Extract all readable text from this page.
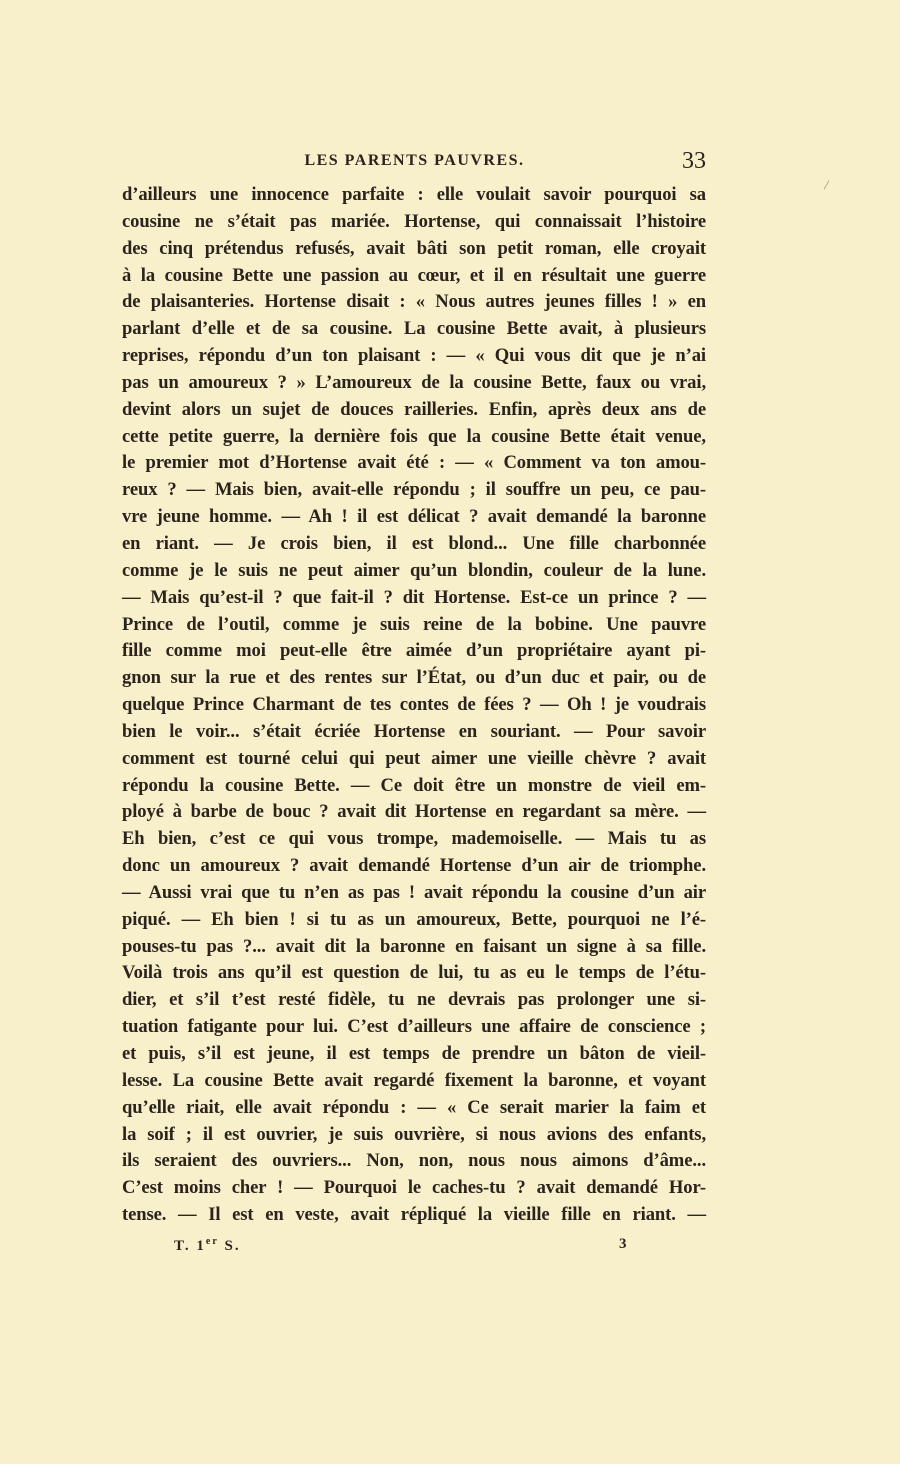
LES PARENTS PAUVRES.	33
d’ailleurs une innocence parfaite : elle voulait savoir pourquoi sa
cousine ne s’était pas mariée. Hortense, qui connaissait l’histoire
des cinq prétendus refusés, avait bâti son petit roman, elle croyait
à la cousine Bette une passion au cœur, et il en résultait une guerre
de plaisanteries. Hortense disait : « Nous autres jeunes filles ! » en
parlant d’elle et de sa cousine. La cousine Bette avait, à plusieurs
reprises, répondu d’un ton plaisant : — « Qui vous dit que je n’ai
pas un amoureux ? » L’amoureux de la cousine Bette, faux ou vrai,
devint alors un sujet de douces railleries. Enfin, après deux ans de
cette petite guerre, la dernière fois que la cousine Bette était venue,
le premier mot d’Hortense avait été : — « Comment va ton amou-
reux ? — Mais bien, avait-elle répondu ; il souffre un peu, ce pau-
vre jeune homme. — Ah ! il est délicat ? avait demandé la baronne
en riant. — Je crois bien, il est blond... Une fille charbonnée
comme je le suis ne peut aimer qu’un blondin, couleur de la lune.
— Mais qu’est-il ? que fait-il ? dit Hortense. Est-ce un prince ? —
Prince de l’outil, comme je suis reine de la bobine. Une pauvre
fille comme moi peut-elle être aimée d’un propriétaire ayant pi-
gnon sur la rue et des rentes sur l’État, ou d’un duc et pair, ou de
quelque Prince Charmant de tes contes de fées ? — Oh ! je voudrais
bien le voir... s’était écriée Hortense en souriant. — Pour savoir
comment est tourné celui qui peut aimer une vieille chèvre ? avait
répondu la cousine Bette. — Ce doit être un monstre de vieil em-
ployé à barbe de bouc ? avait dit Hortense en regardant sa mère. —
Eh bien, c’est ce qui vous trompe, mademoiselle. — Mais tu as
donc un amoureux ? avait demandé Hortense d’un air de triomphe.
— Aussi vrai que tu n’en as pas ! avait répondu la cousine d’un air
piqué. — Eh bien ! si tu as un amoureux, Bette, pourquoi ne l’é-
pouses-tu pas ?... avait dit la baronne en faisant un signe à sa fille.
Voilà trois ans qu’il est question de lui, tu as eu le temps de l’étu-
dier, et s’il t’est resté fidèle, tu ne devrais pas prolonger une si-
tuation fatigante pour lui. C’est d’ailleurs une affaire de conscience ;
et puis, s’il est jeune, il est temps de prendre un bâton de vieil-
lesse. La cousine Bette avait regardé fixement la baronne, et voyant
qu’elle riait, elle avait répondu : — « Ce serait marier la faim et
la soif ; il est ouvrier, je suis ouvrière, si nous avions des enfants,
ils seraient des ouvriers... Non, non, nous nous aimons d’âme...
C’est moins cher ! — Pourquoi le caches-tu ? avait demandé Hor-
tense. — Il est en veste, avait répliqué la vieille fille en riant. —
T. 1er S.	3
